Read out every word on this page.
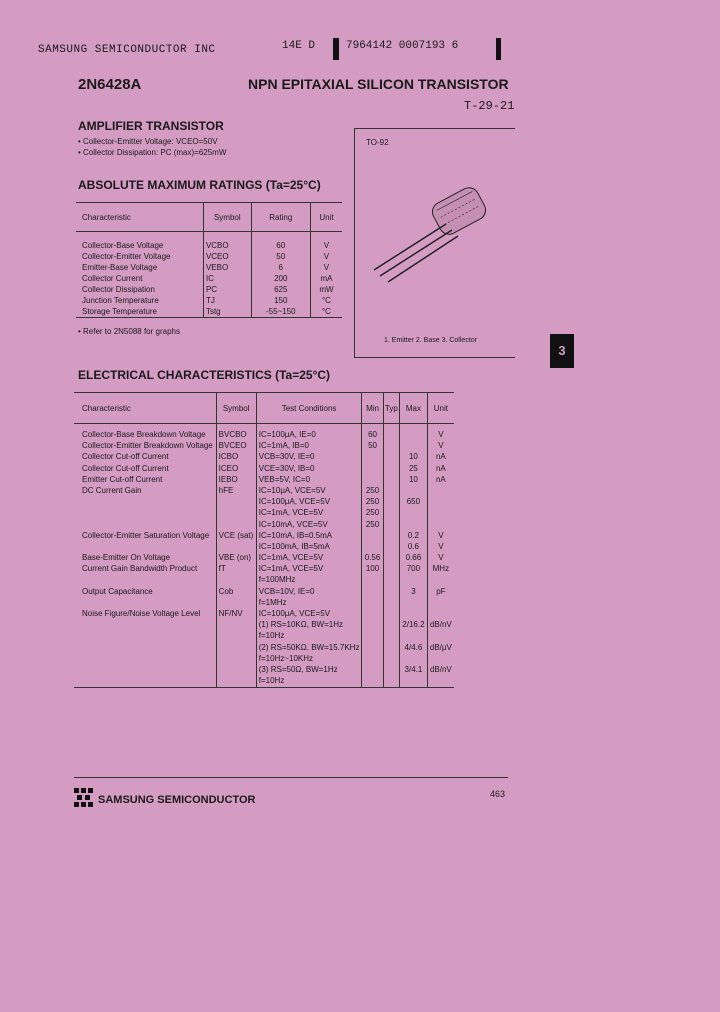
SAMSUNG SEMICONDUCTOR INC	14E D	7964142 0007193 6
2N6428A	NPN EPITAXIAL SILICON TRANSISTOR
T-29-21
AMPLIFIER TRANSISTOR
• Collector-Emitter Voltage: VCEO=50V
• Collector Dissipation: PC (max)=625mW
ABSOLUTE MAXIMUM RATINGS (Ta=25°C)
Characteristic	Symbol	Rating	Unit
Collector-Base Voltage	VCBO	60	V
Collector-Emitter Voltage	VCEO	50	V
Emitter-Base Voltage	VEBO	6	V
Collector Current	IC	200	mA
Collector Dissipation	PC	625	mW
Junction Temperature	TJ	150	°C
Storage Temperature	Tstg	-55~150	°C
• Refer to 2N5088 for graphs
TO-92
1. Emitter 2. Base 3. Collector
3
ELECTRICAL CHARACTERISTICS (Ta=25°C)
Characteristic	Symbol	Test Conditions	Min	Typ	Max	Unit
Collector-Base Breakdown Voltage	BVCBO	IC=100μA, IE=0	60			V
Collector-Emitter Breakdown Voltage	BVCEO	IC=1mA, IB=0	50			V
Collector Cut-off Current	ICBO	VCB=30V, IE=0			10	nA
Collector Cut-off Current	ICEO	VCE=30V, IB=0			25	nA
Emitter Cut-off Current	IEBO	VEB=5V, IC=0			10	nA
DC Current Gain	hFE	IC=10μA, VCE=5V	250			
		IC=100μA, VCE=5V	250		650	
		IC=1mA, VCE=5V	250			
		IC=10mA, VCE=5V	250			
Collector-Emitter Saturation Voltage	VCE (sat)	IC=10mA, IB=0.5mA			0.2	V
		IC=100mA, IB=5mA			0.6	V
Base-Emitter On Voltage	VBE (on)	IC=1mA, VCE=5V	0.56		0.66	V
Current Gain Bandwidth Product	fT	IC=1mA, VCE=5V	100		700	MHz
		f=100MHz				
Output Capacitance	Cob	VCB=10V, IE=0			3	pF
		f=1MHz				
Noise Figure/Noise Voltage Level	NF/NV	IC=100μA, VCE=5V				
		(1) RS=10KΩ, BW=1Hz			2/16.2	dB/nV
		f=10Hz				
		(2) RS=50KΩ, BW=15.7KHz			4/4.6	dB/μV
		f=10Hz~10KHz				
		(3) RS=50Ω, BW=1Hz			3/4.1	dB/nV
		f=10Hz				
SAMSUNG SEMICONDUCTOR	463
